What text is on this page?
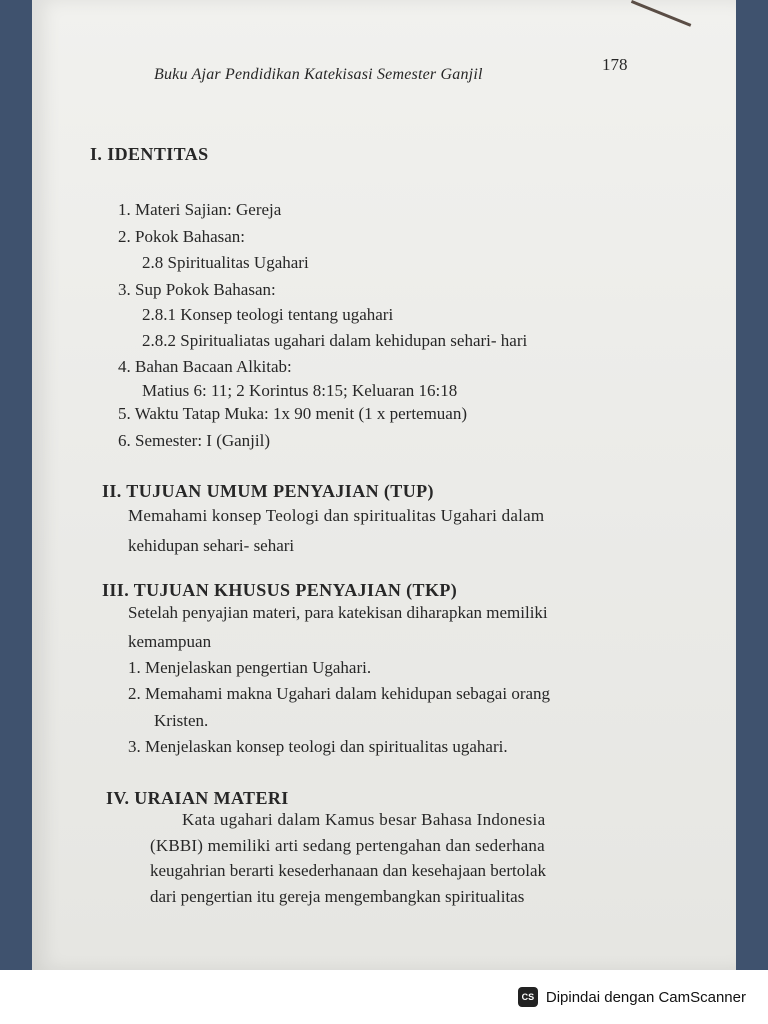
178
Buku Ajar Pendidikan Katekisasi Semester Ganjil
I. IDENTITAS
1. Materi Sajian: Gereja
2. Pokok Bahasan:
2.8 Spiritualitas Ugahari
3. Sup Pokok Bahasan:
2.8.1 Konsep teologi tentang ugahari
2.8.2 Spiritualiatas ugahari dalam kehidupan sehari- hari
4. Bahan Bacaan Alkitab:
Matius 6: 11; 2 Korintus 8:15; Keluaran 16:18
5. Waktu Tatap Muka: 1x 90 menit (1 x pertemuan)
6. Semester: I (Ganjil)
II. TUJUAN UMUM PENYAJIAN (TUP)
Memahami konsep Teologi dan spiritualitas Ugahari dalam
kehidupan sehari- sehari
III. TUJUAN KHUSUS PENYAJIAN (TKP)
Setelah penyajian materi, para katekisan diharapkan memiliki
kemampuan
1. Menjelaskan pengertian Ugahari.
2. Memahami makna Ugahari dalam kehidupan sebagai orang
Kristen.
3. Menjelaskan konsep teologi dan spiritualitas ugahari.
IV. URAIAN MATERI
Kata ugahari dalam Kamus besar Bahasa Indonesia
(KBBI) memiliki arti sedang pertengahan dan sederhana
keugahrian berarti kesederhanaan dan kesehajaan bertolak
dari pengertian itu gereja mengembangkan spiritualitas
CS Dipindai dengan CamScanner
